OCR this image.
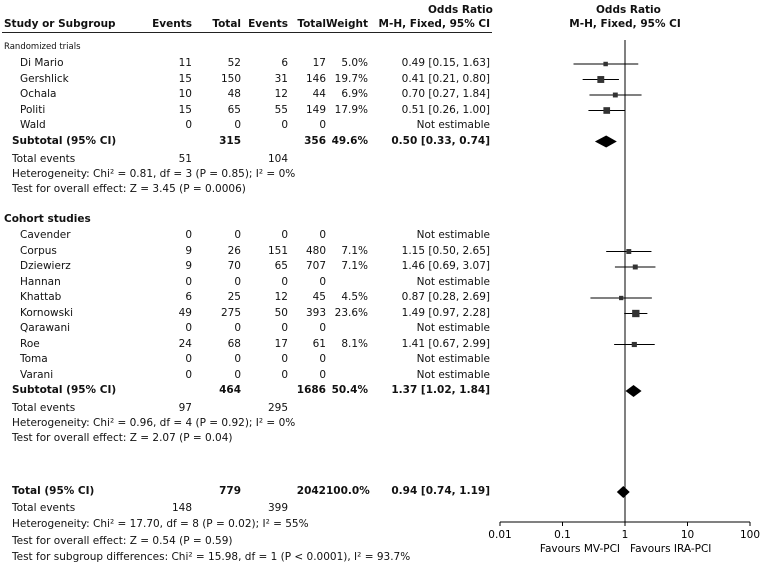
Odds Ratio	Odds Ratio
Study or Subgroup	Events	Total Events Total Weight	M-H, Fixed, 95% CI	M-H, Fixed, 95% CI
Randomized trials
Di Mario	11	52	6	17	5.0%	0.49 [0.15, 1.63]
Gershlick	15	150	31	146 19.7%	0.41 [0.21, 0.80]
Ochala	10	48	12	44	6.9%	0.70 [0.27, 1.84]
Politi	15	65	55	149 17.9%	0.51 [0.26, 1.00]
Wald	0	0	0	0	Not estimable
Subtotal (95% CI)	315	356 49.6%	0.50 [0.33, 0.74]
Total events	51	104
Heterogeneity: Chi² = 0.81, df = 3 (P = 0.85); I² = 0%
Test for overall effect: Z = 3.45 (P = 0.0006)
Cohort studies
Cavender	0	0	0	0	Not estimable
Corpus	9	26	151	480	7.1%	1.15 [0.50, 2.65]
Dziewierz	9	70	65	707	7.1%	1.46 [0.69, 3.07]
Hannan	0	0	0	0	Not estimable
Khattab	6	25	12	45	4.5%	0.87 [0.28, 2.69]
Kornowski	49	275	50	393 23.6%	1.49 [0.97, 2.28]
Qarawani	0	0	0	0	Not estimable
Roe	24	68	17	61	8.1%	1.41 [0.67, 2.99]
Toma	0	0	0	0	Not estimable
Varani	0	0	0	0	Not estimable
Subtotal (95% CI)	464	1686 50.4%	1.37 [1.02, 1.84]
Total events	97	295
Heterogeneity: Chi² = 0.96, df = 4 (P = 0.92); I² = 0%
Test for overall effect: Z = 2.07 (P = 0.04)
Total (95% CI)	779	2042 100.0%	0.94 [0.74, 1.19]
Total events	148	399
Heterogeneity: Chi² = 17.70, df = 8 (P = 0.02); I² = 55%
Test for overall effect: Z = 0.54 (P = 0.59)
Test for subgroup differences: Chi² = 15.98, df = 1 (P < 0.0001), I² = 93.7%
0.01	0.1	1	10	100
Favours MV-PCI Favours IRA-PCI
